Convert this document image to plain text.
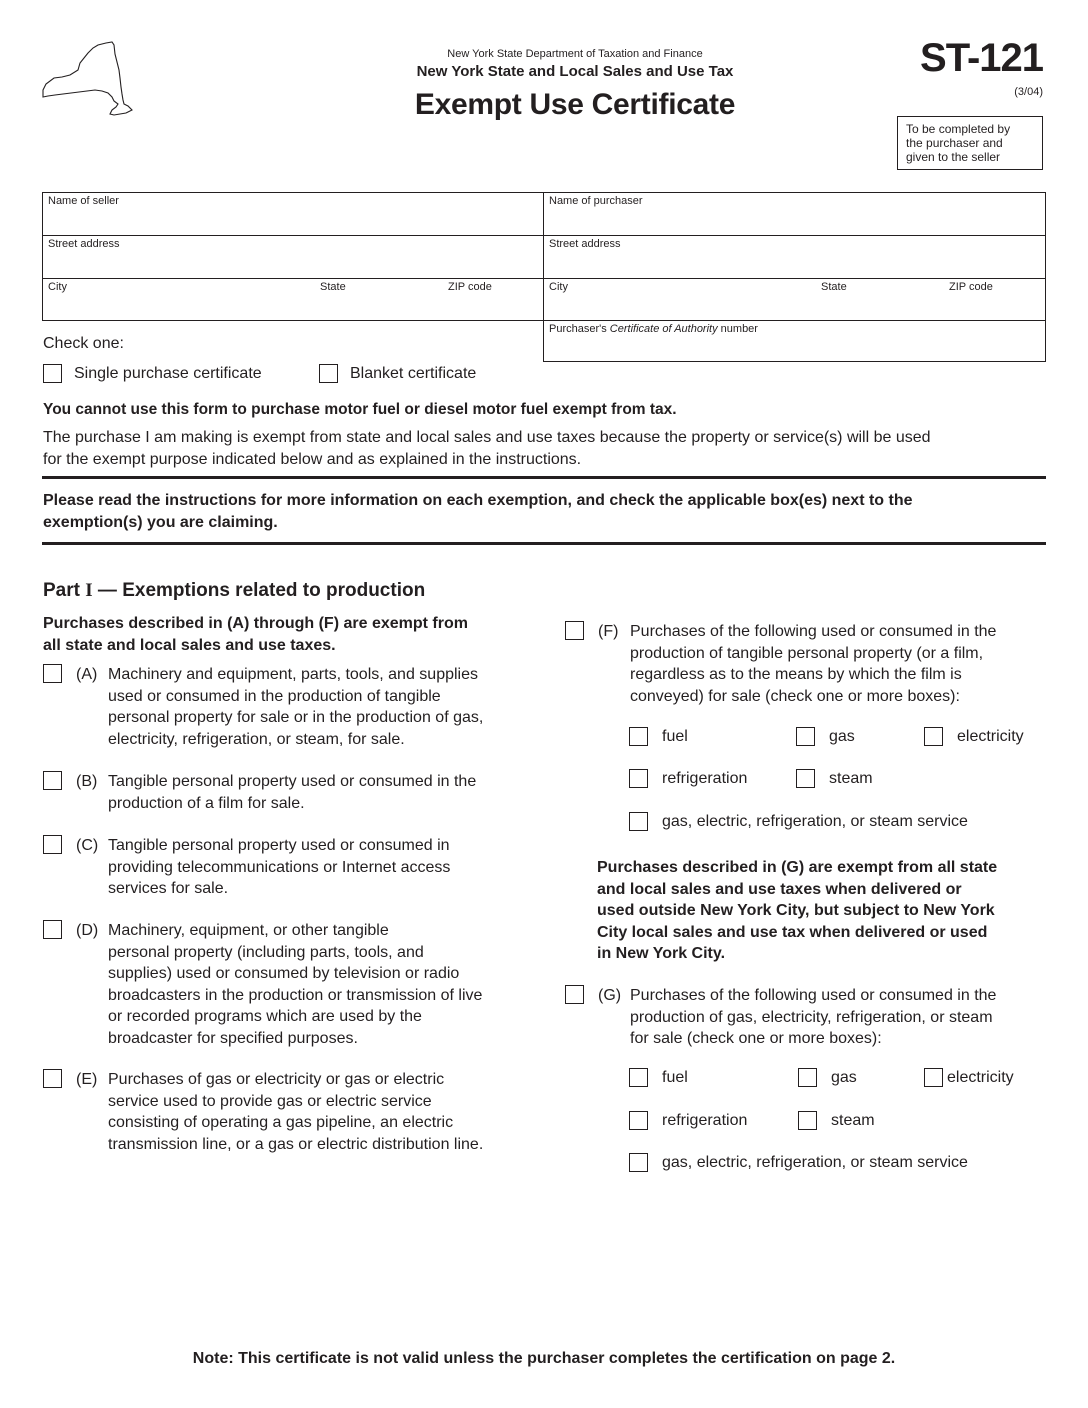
New York State Department of Taxation and Finance
New York State and Local Sales and Use Tax
Exempt Use Certificate
ST-121
(3/04)
To be completed by
the purchaser and
given to the seller
Name of seller
Street address
City	State	ZIP code
Name of purchaser
Street address
City	State	ZIP code
Purchaser's Certificate of Authority number
Check one:
Single purchase certificate	Blanket certificate
You cannot use this form to purchase motor fuel or diesel motor fuel exempt from tax.
The purchase I am making is exempt from state and local sales and use taxes because the property or service(s) will be used
for the exempt purpose indicated below and as explained in the instructions.
Please read the instructions for more information on each exemption, and check the applicable box(es) next to the
exemption(s) you are claiming.
Part I — Exemptions related to production
Purchases described in (A) through (F) are exempt from
all state and local sales and use taxes.
(A) Machinery and equipment, parts, tools, and supplies
used or consumed in the production of tangible
personal property for sale or in the production of gas,
electricity, refrigeration, or steam, for sale.
(B) Tangible personal property used or consumed in the
production of a film for sale.
(C) Tangible personal property used or consumed in
providing telecommunications or Internet access
services for sale.
(D) Machinery, equipment, or other tangible
personal property (including parts, tools, and
supplies) used or consumed by television or radio
broadcasters in the production or transmission of live
or recorded programs which are used by the
broadcaster for specified purposes.
(E) Purchases of gas or electricity or gas or electric
service used to provide gas or electric service
consisting of operating a gas pipeline, an electric
transmission line, or a gas or electric distribution line.
(F) Purchases of the following used or consumed in the
production of tangible personal property (or a film,
regardless as to the means by which the film is
conveyed) for sale (check one or more boxes):
fuel	gas	electricity
refrigeration	steam
gas, electric, refrigeration, or steam service
Purchases described in (G) are exempt from all state
and local sales and use taxes when delivered or
used outside New York City, but subject to New York
City local sales and use tax when delivered or used
in New York City.
(G) Purchases of the following used or consumed in the
production of gas, electricity, refrigeration, or steam
for sale (check one or more boxes):
fuel	gas	electricity
refrigeration	steam
gas, electric, refrigeration, or steam service
Note: This certificate is not valid unless the purchaser completes the certification on page 2.
